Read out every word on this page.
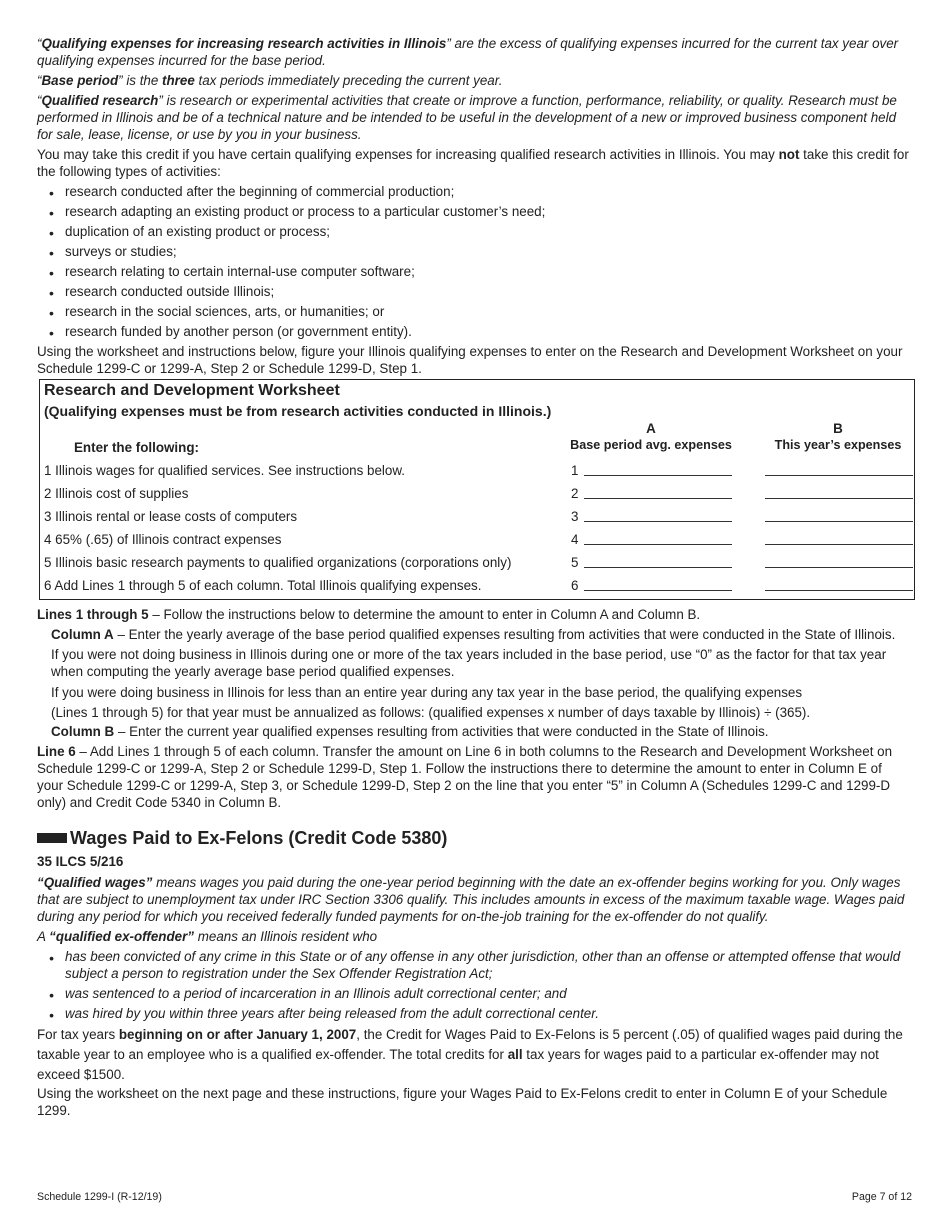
“Qualifying expenses for increasing research activities in Illinois” are the excess of qualifying expenses incurred for the current tax year over qualifying expenses incurred for the base period.

“Base period” is the three tax periods immediately preceding the current year.

“Qualified research” is research or experimental activities that create or improve a function, performance, reliability, or quality. Research must be performed in Illinois and be of a technical nature and be intended to be useful in the development of a new or improved business component held for sale, lease, license, or use by you in your business.

You may take this credit if you have certain qualifying expenses for increasing qualified research activities in Illinois. You may not take this credit for the following types of activities:

• research conducted after the beginning of commercial production;
• research adapting an existing product or process to a particular customer’s need;
• duplication of an existing product or process;
• surveys or studies;
• research relating to certain internal-use computer software;
• research conducted outside Illinois;
• research in the social sciences, arts, or humanities; or
• research funded by another person (or government entity).

Using the worksheet and instructions below, figure your Illinois qualifying expenses to enter on the Research and Development Worksheet on your Schedule 1299-C or 1299-A, Step 2 or Schedule 1299-D, Step 1.

Research and Development Worksheet
(Qualifying expenses must be from research activities conducted in Illinois.)
Enter the following:
A
Base period avg. expenses
B
This year’s expenses
1 Illinois wages for qualified services. See instructions below.	1
2 Illinois cost of supplies	2
3 Illinois rental or lease costs of computers	3
4 65% (.65) of Illinois contract expenses	4
5 Illinois basic research payments to qualified organizations (corporations only)	5
6 Add Lines 1 through 5 of each column. Total Illinois qualifying expenses.	6

Lines 1 through 5 – Follow the instructions below to determine the amount to enter in Column A and Column B.

Column A – Enter the yearly average of the base period qualified expenses resulting from activities that were conducted in the State of Illinois.

If you were not doing business in Illinois during one or more of the tax years included in the base period, use “0” as the factor for that tax year when computing the yearly average base period qualified expenses.

If you were doing business in Illinois for less than an entire year during any tax year in the base period, the qualifying expenses
(Lines 1 through 5) for that year must be annualized as follows: (qualified expenses x number of days taxable by Illinois) ÷ (365).

Column B – Enter the current year qualified expenses resulting from activities that were conducted in the State of Illinois.

Line 6 – Add Lines 1 through 5 of each column. Transfer the amount on Line 6 in both columns to the Research and Development Worksheet on Schedule 1299-C or 1299-A, Step 2 or Schedule 1299-D, Step 1. Follow the instructions there to determine the amount to enter in Column E of your Schedule 1299-C or 1299-A, Step 3, or Schedule 1299-D, Step 2 on the line that you enter “5” in Column A (Schedules 1299-C and 1299-D only) and Credit Code 5340 in Column B.

Wages Paid to Ex-Felons (Credit Code 5380)
35 ILCS 5/216

“Qualified wages” means wages you paid during the one-year period beginning with the date an ex-offender begins working for you. Only wages that are subject to unemployment tax under IRC Section 3306 qualify. This includes amounts in excess of the maximum taxable wage. Wages paid during any period for which you received federally funded payments for on-the-job training for the ex-offender do not qualify.

A “qualified ex-offender” means an Illinois resident who

• has been convicted of any crime in this State or of any offense in any other jurisdiction, other than an offense or attempted offense that would subject a person to registration under the Sex Offender Registration Act;
• was sentenced to a period of incarceration in an Illinois adult correctional center; and
• was hired by you within three years after being released from the adult correctional center.

For tax years beginning on or after January 1, 2007, the Credit for Wages Paid to Ex-Felons is 5 percent (.05) of qualified wages paid during the taxable year to an employee who is a qualified ex-offender. The total credits for all tax years for wages paid to a particular ex-offender may not exceed $1500.

Using the worksheet on the next page and these instructions, figure your Wages Paid to Ex-Felons credit to enter in Column E of your Schedule 1299.

Schedule 1299-I (R-12/19)	Page 7 of 12
